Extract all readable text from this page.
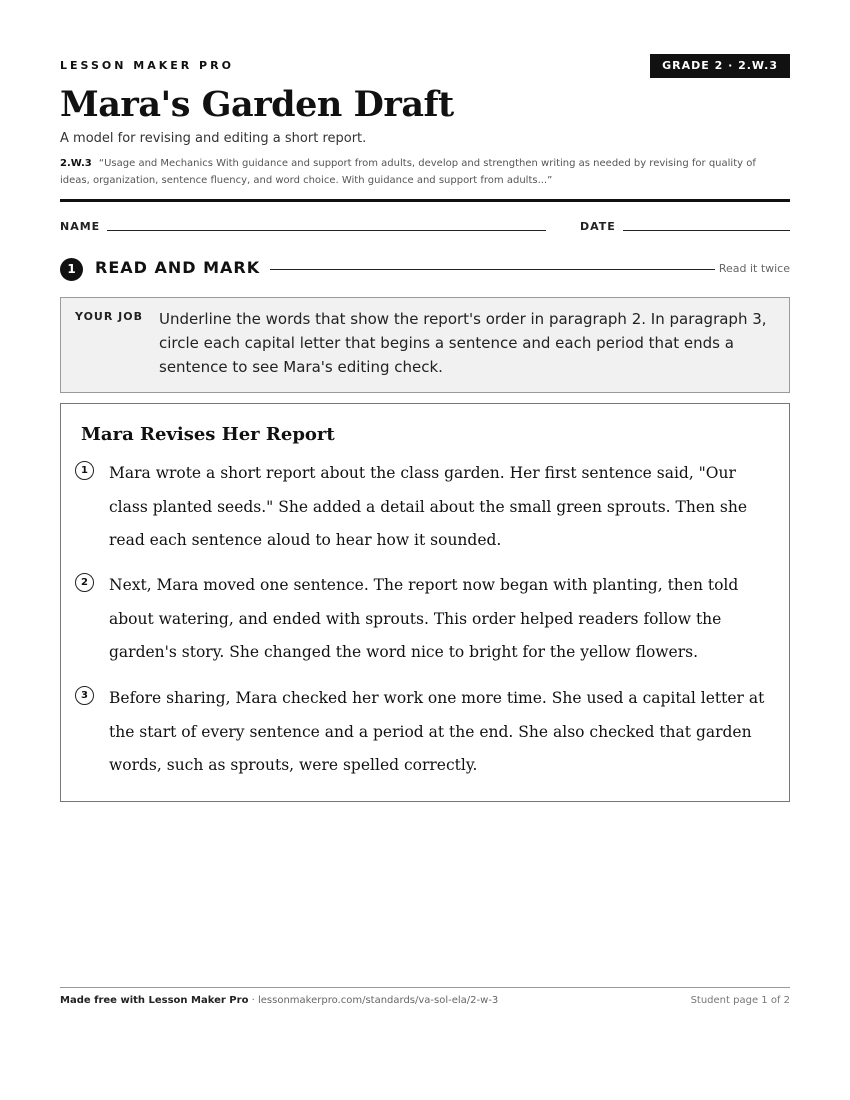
LESSON MAKER PRO	GRADE 2 · 2.W.3
Mara's Garden Draft
A model for revising and editing a short report.
2.W.3 “Usage and Mechanics With guidance and support from adults, develop and strengthen writing as needed by revising for quality of ideas, organization, sentence fluency, and word choice. With guidance and support from adults...”
NAME	DATE
1	READ AND MARK	Read it twice
YOUR JOB Underline the words that show the report's order in paragraph 2. In paragraph 3, circle each capital letter that begins a sentence and each period that ends a sentence to see Mara's editing check.
Mara Revises Her Report
1	Mara wrote a short report about the class garden. Her first sentence said, "Our class planted seeds." She added a detail about the small green sprouts. Then she read each sentence aloud to hear how it sounded.
2	Next, Mara moved one sentence. The report now began with planting, then told about watering, and ended with sprouts. This order helped readers follow the garden's story. She changed the word nice to bright for the yellow flowers.
3	Before sharing, Mara checked her work one more time. She used a capital letter at the start of every sentence and a period at the end. She also checked that garden words, such as sprouts, were spelled correctly.
Made free with Lesson Maker Pro · lessonmakerpro.com/standards/va-sol-ela/2-w-3	Student page 1 of 2
